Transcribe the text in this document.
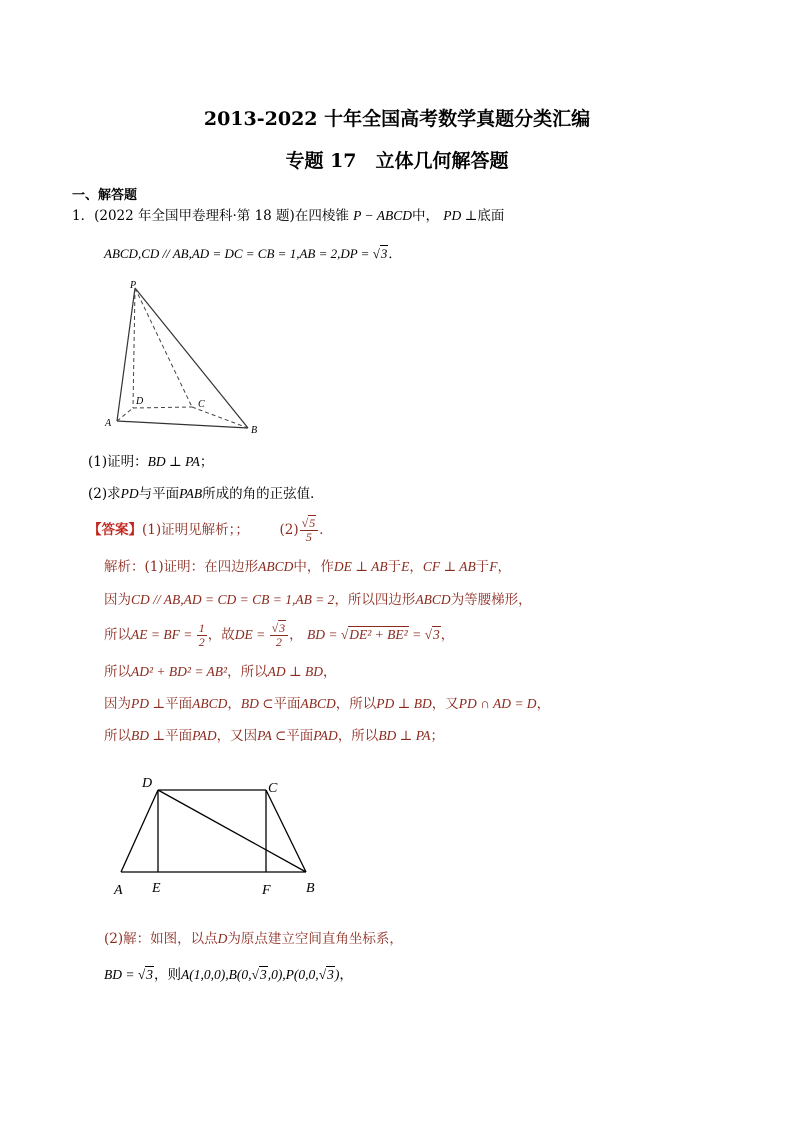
2013-2022 十年全国高考数学真题分类汇编
专题 17　立体几何解答题
一、解答题
1．(2022 年全国甲卷理科·第 18 题)在四棱锥 P − ABCD中， PD ⊥底面
ABCD,CD // AB,AD = DC = CB = 1,AB = 2,DP = √3．
P
A
B
C
D
(1)证明：BD ⊥ PA；
(2)求PD与平面PAB所成的角的正弦值．
【答案】(1)证明见解析；； $(2) \frac{√5}{5}$ ．
解析：(1)证明：在四边形ABCD中，作DE ⊥ AB于E，CF ⊥ AB于F，
因为CD // AB,AD = CD = CB = 1,AB = 2，所以四边形ABCD为等腰梯形，
所以AE = BF = $\frac{1}{2}$ ，故DE = $\frac{√3}{2}$ ， BD = √DE² + BE² = √3，
所以AD² + BD² = AB²，所以AD ⊥ BD，
因为PD ⊥平面ABCD，BD ⊂平面ABCD，所以PD ⊥ BD，又PD ∩ AD = D，
所以BD ⊥平面PAD，又因PA ⊂平面PAD，所以BD ⊥ PA；
D	C
A E	F	B
(2)解：如图，以点D为原点建立空间直角坐标系，
BD = √3，则A(1,0,0),B(0,√3,0),P(0,0,√3)，
